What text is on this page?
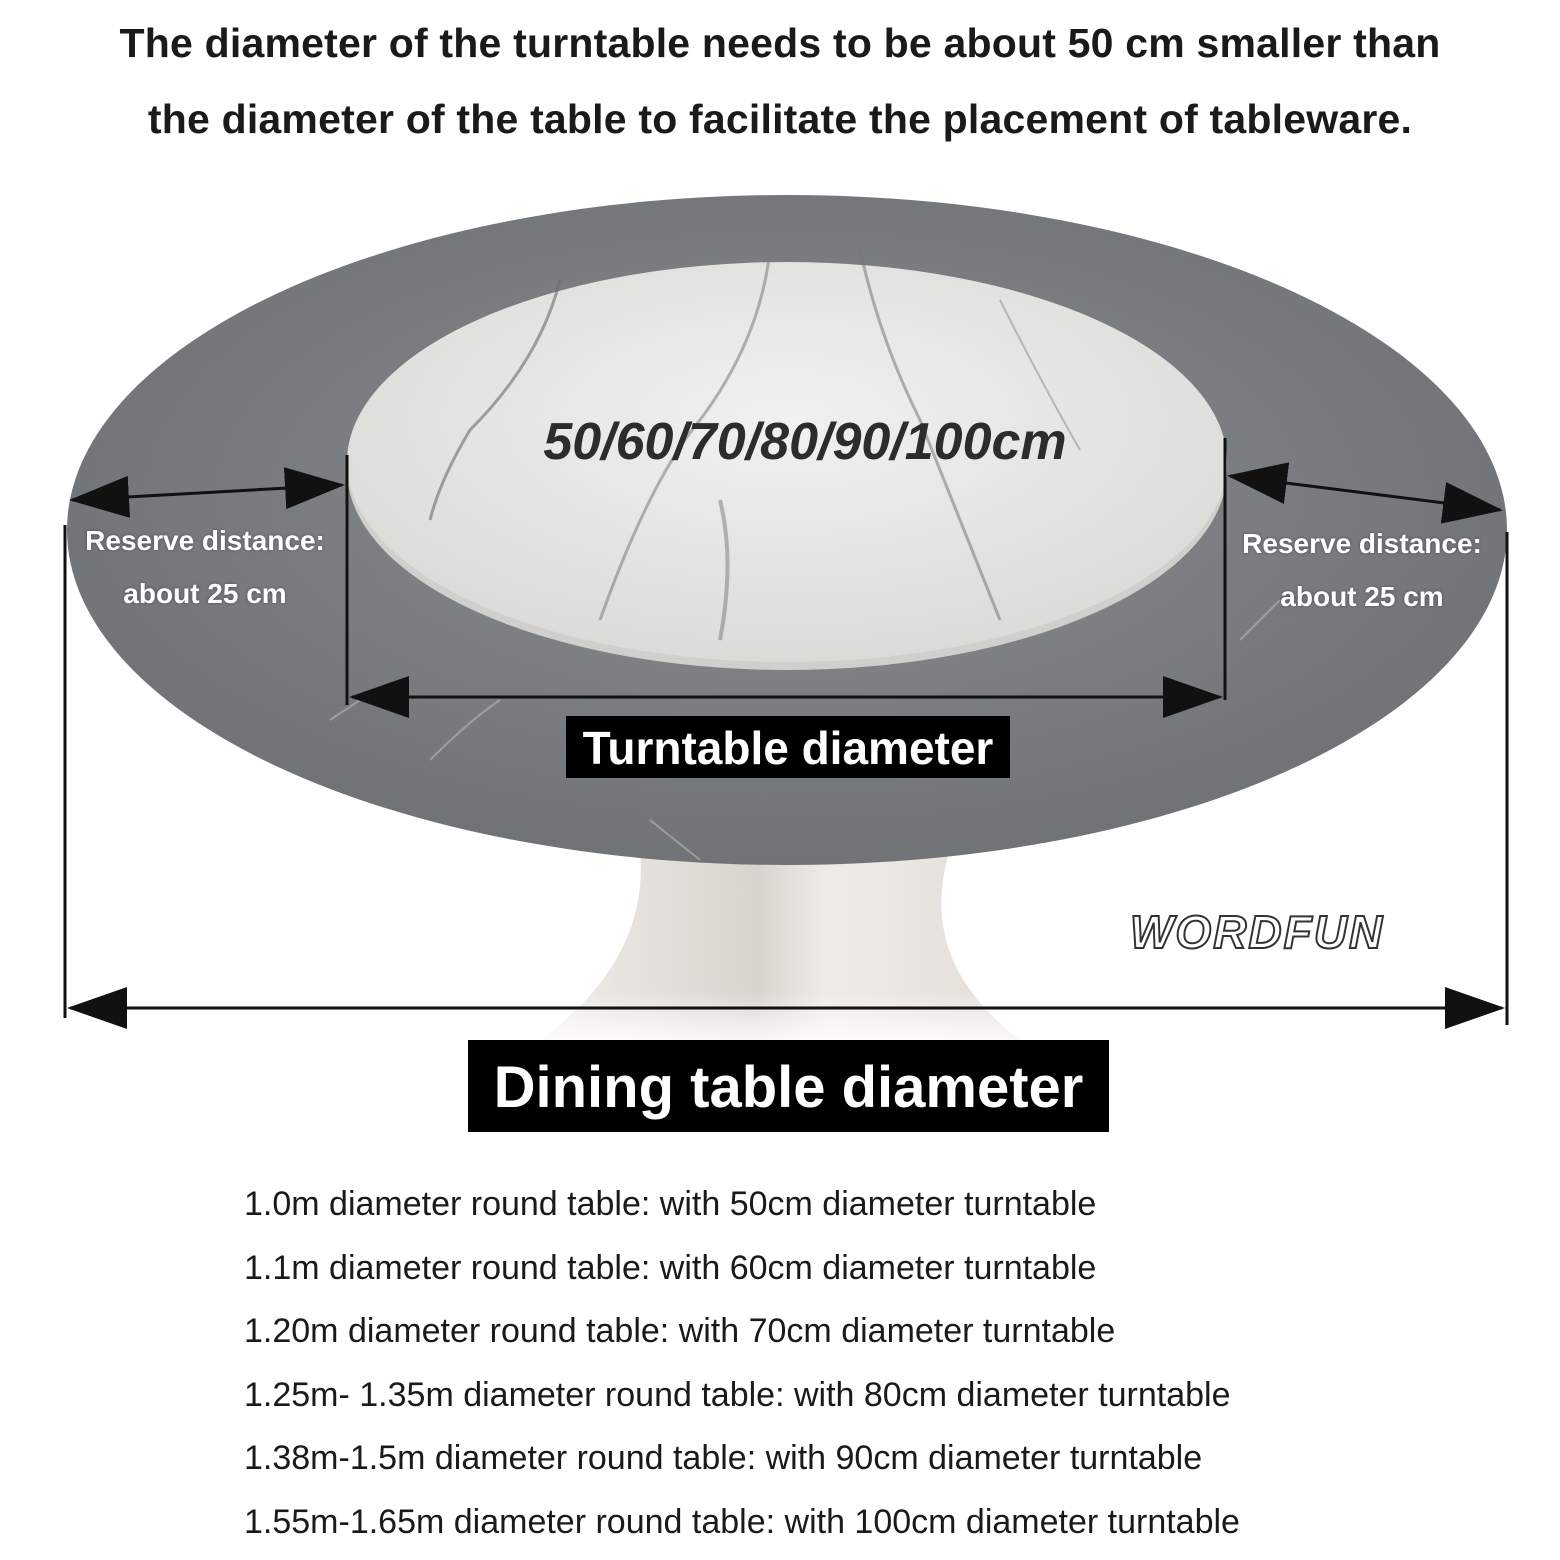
The diameter of the turntable needs to be about 50 cm smaller than
the diameter of the table to facilitate the placement of tableware.
50/60/70/80/90/100cm
Reserve distance:
about 25 cm
Reserve distance:
about 25 cm
Turntable diameter
WORDFUN
Dining table diameter
1.0m diameter round table: with 50cm diameter turntable
1.1m diameter round table: with 60cm diameter turntable
1.20m diameter round table: with 70cm diameter turntable
1.25m- 1.35m diameter round table: with 80cm diameter turntable
1.38m-1.5m diameter round table: with 90cm diameter turntable
1.55m-1.65m diameter round table: with 100cm diameter turntable
